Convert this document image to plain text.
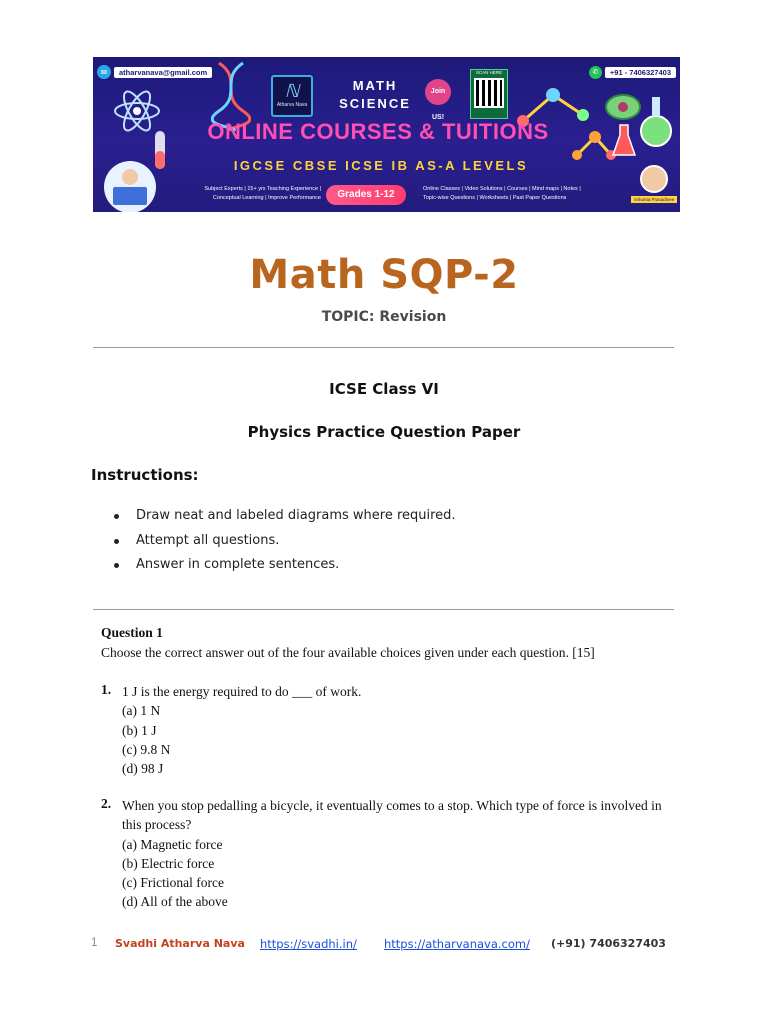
✉	atharvanava@gmail.com	✆	+91 - 7406327403
ℕ
Atharva Nava
MATH
SCIENCE
Join US!
SCAN HERE
ONLINE COURSES & TUITIONS
IGCSE CBSE ICSE IB AS-A LEVELS
Subject Experts | 15+ yrs Teaching Experience | Conceptual Learning | Improve Performance	Grades 1-12	Online Classes | Video Solutions | Courses | Mind maps | Notes | Topic-wise Questions | Worksheets | Past Paper Questions	Srikanta Prasadinee
Math SQP-2
TOPIC: Revision
ICSE Class VI
Physics Practice Question Paper
Instructions:
Draw neat and labeled diagrams where required.
Attempt all questions.
Answer in complete sentences.
Question 1
Choose the correct answer out of the four available choices given under each question. [15]
1. 1 J is the energy required to do ___ of work.
(a) 1 N
(b) 1 J
(c) 9.8 N
(d) 98 J
2. When you stop pedalling a bicycle, it eventually comes to a stop. Which type of force is involved in this process?
(a) Magnetic force
(b) Electric force
(c) Frictional force
(d) All of the above
1 Svadhi Atharva Nava https://svadhi.in/ https://atharvanava.com/ (+91) 7406327403
